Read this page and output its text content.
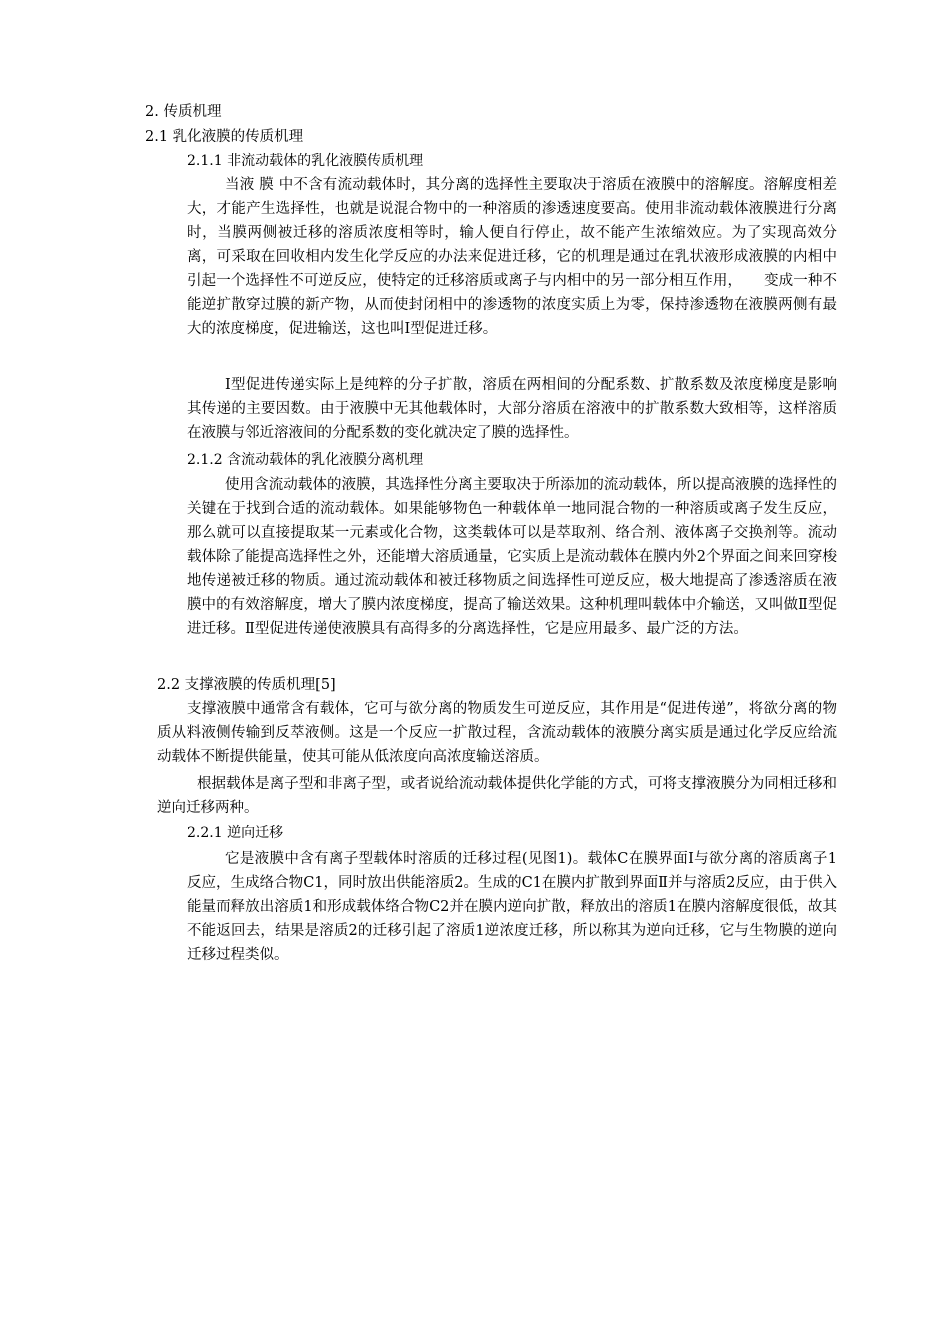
2. 传质机理
2.1 乳化液膜的传质机理
2.1.1 非流动载体的乳化液膜传质机理
当液 膜 中不含有流动载体时，其分离的选择性主要取决于溶质在液膜中的溶解度。溶解度相差大，才能产生选择性，也就是说混合物中的一种溶质的渗透速度要高。使用非流动载体液膜进行分离时，当膜两侧被迁移的溶质浓度相等时，输人便自行停止，故不能产生浓缩效应。为了实现高效分离，可采取在回收相内发生化学反应的办法来促进迁移，它的机理是通过在乳状液形成液膜的内相中引起一个选择性不可逆反应，使特定的迁移溶质或离子与内相中的另一部分相互作用，　　变成一种不能逆扩散穿过膜的新产物，从而使封闭相中的渗透物的浓度实质上为零，保持渗透物在液膜两侧有最大的浓度梯度，促进输送，这也叫Ⅰ型促进迁移。
Ⅰ型促进传递实际上是纯粹的分子扩散，溶质在两相间的分配系数、扩散系数及浓度梯度是影响其传递的主要因数。由于液膜中无其他载体时，大部分溶质在溶液中的扩散系数大致相等，这样溶质在液膜与邻近溶液间的分配系数的变化就决定了膜的选择性。
2.1.2 含流动载体的乳化液膜分离机理
使用含流动载体的液膜，其选择性分离主要取决于所添加的流动载体，所以提高液膜的选择性的关键在于找到合适的流动载体。如果能够物色一种载体单一地同混合物的一种溶质或离子发生反应，那么就可以直接提取某一元素或化合物，这类载体可以是萃取剂、络合剂、液体离子交换剂等。流动载体除了能提高选择性之外，还能增大溶质通量，它实质上是流动载体在膜内外2个界面之间来回穿梭地传递被迁移的物质。通过流动载体和被迁移物质之间选择性可逆反应，极大地提高了渗透溶质在液膜中的有效溶解度，增大了膜内浓度梯度，提高了输送效果。这种机理叫载体中介输送，又叫做Ⅱ型促进迁移。Ⅱ型促进传递使液膜具有高得多的分离选择性，它是应用最多、最广泛的方法。
2.2 支撑液膜的传质机理[5]
支撑液膜中通常含有载体，它可与欲分离的物质发生可逆反应，其作用是“促进传递”，将欲分离的物质从料液侧传输到反萃液侧。这是一个反应一扩散过程，含流动载体的液膜分离实质是通过化学反应给流动载体不断提供能量，使其可能从低浓度向高浓度输送溶质。
根据载体是离子型和非离子型，或者说给流动载体提供化学能的方式，可将支撑液膜分为同相迁移和逆向迁移两种。
2.2.1 逆向迁移
它是液膜中含有离子型载体时溶质的迁移过程(见图1)。载体C在膜界面I与欲分离的溶质离子1反应，生成络合物C1，同时放出供能溶质2。生成的C1在膜内扩散到界面Ⅱ并与溶质2反应，由于供入能量而释放出溶质1和形成载体络合物C2并在膜内逆向扩散，释放出的溶质1在膜内溶解度很低，故其不能返回去，结果是溶质2的迁移引起了溶质1逆浓度迁移，所以称其为逆向迁移，它与生物膜的逆向迁移过程类似。
